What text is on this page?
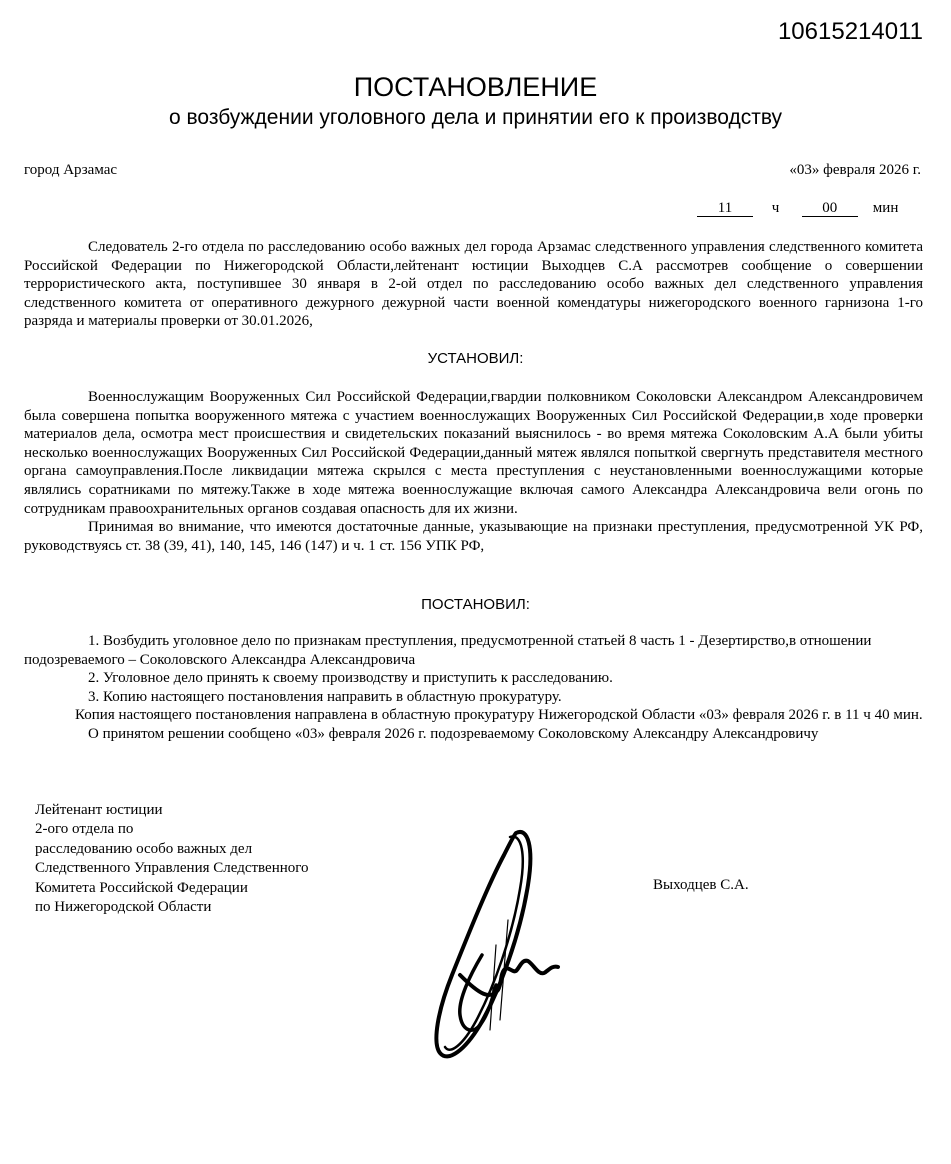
10615214011
ПОСТАНОВЛЕНИЕ
о возбуждении уголовного дела и принятии его к производству
город Арзамас	«03» февраля 2026 г.
11	ч	00 мин
Следователь 2-го отдела по расследованию особо важных дел города Арзамас следственного управления следственного комитета Российской Федерации по Нижегородской Области,лейтенант юстиции Выходцев С.А рассмотрев сообщение о совершении террористического акта, поступившее 30 января в 2-ой отдел по расследованию особо важных дел следственного управления следственного комитета от оперативного дежурного дежурной части военной комендатуры нижегородского военного гарнизона 1-го разряда и материалы проверки от 30.01.2026,
УСТАНОВИЛ:

Военнослужащим Вооруженных Сил Российской Федерации,гвардии полковником Соколовски Александром Александровичем была совершена попытка вооруженного мятежа с участием военнослужащих Вооруженных Сил Российской Федерации,в ходе проверки материалов дела, осмотра мест происшествия и свидетельских показаний выяснилось - во время мятежа Соколовским А.А были убиты несколько военнослужащих Вооруженных Сил Российской Федерации,данный мятеж являлся попыткой свергнуть представителя местного органа самоуправления.После ликвидации мятежа скрылся с места преступления с неустановленными военнослужащими которые являлись соратниками по мятежу.Также в ходе мятежа военнослужащие включая самого Александра Александровича вели огонь по сотрудникам правоохранительных органов создавая опасность для их жизни.

Принимая во внимание, что имеются достаточные данные, указывающие на признаки преступления, предусмотренной УК РФ, руководствуясь ст. 38 (39, 41), 140, 145, 146 (147) и ч. 1 ст. 156 УПК РФ,

ПОСТАНОВИЛ:

1. Возбудить уголовное дело по признакам преступления, предусмотренной статьей 8 часть 1 - Дезертирство,в отношении подозреваемого – Соколовского Александра Александровича

2. Уголовное дело принять к своему производству и приступить к расследованию.

3. Копию настоящего постановления направить в областную прокуратуру.

Копия настоящего постановления направлена в областную прокуратуру Нижегородской Области «03» февраля 2026 г. в 11 ч 40 мин.

О принятом решении сообщено «03» февраля 2026 г. подозреваемому Соколовскому Александру Александровичу

Лейтенант юстиции
2-ого отдела по
расследованию особо важных дел
Следственного Управления Следственного
Комитета Российской Федерации
по Нижегородской Области
Выходцев С.А.
